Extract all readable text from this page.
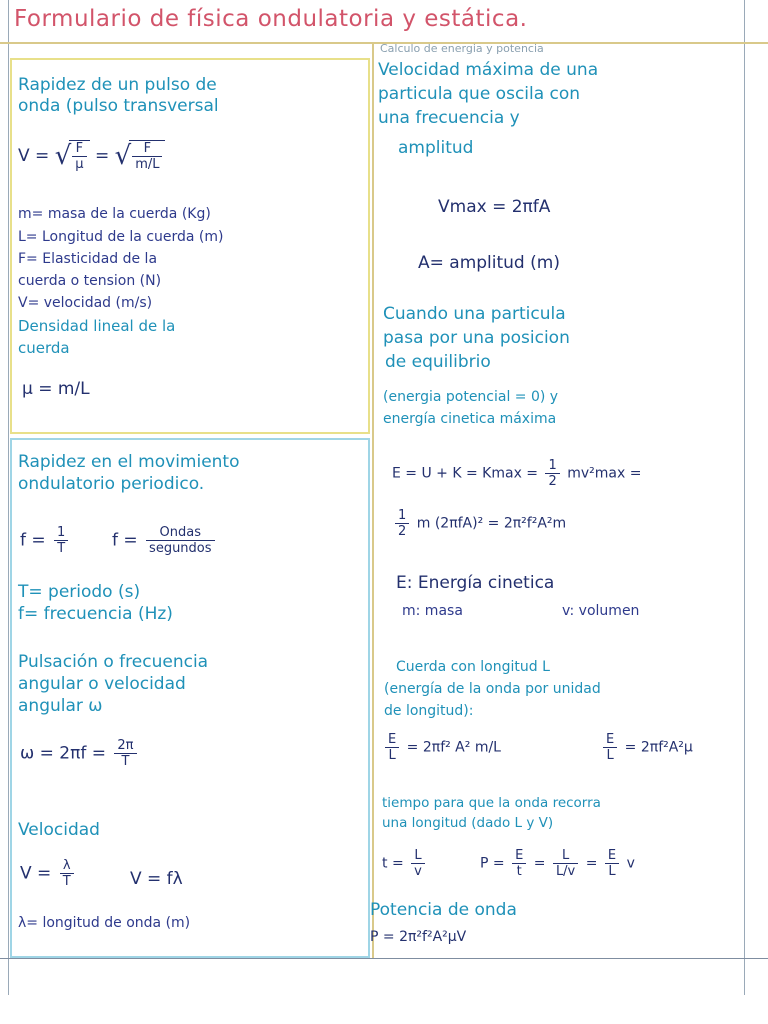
Formulario de física ondulatoria y estática.
Rapidez de un pulso de
onda (pulso transversal
V = √ $\frac{F}{\mu}$ = √ $\frac{F}{m/L}$
m= masa de la cuerda (Kg)
L= Longitud de la cuerda (m)
F= Elasticidad de la
cuerda o tension (N)
V= velocidad (m/s)
Densidad lineal de la
cuerda
μ = m/L
Rapidez en el movimiento
ondulatorio periodico.
$f = \frac{1}{T}$	$f = \frac{\text{Ondas}}{\text{segundos}}$
T= periodo (s)
f= frecuencia (Hz)
Pulsación o frecuencia
angular o velocidad
angular ω
$\omega = 2\pi f = \frac{2\pi}{T}$
Velocidad
$V = \frac{\lambda}{T}$	V = fλ
λ= longitud de onda (m)
Calculo de energia y potencia
Velocidad máxima de una
particula que oscila con
una frecuencia y
amplitud
Vmax = 2πfA
A= amplitud (m)
Cuando una particula
pasa por una posicion
de equilibrio
(energia potencial = 0) y
energía cinetica máxima
$E = U + K = Kmax = \frac{1}{2} mv^2\max$ =
$\frac{1}{2}$ m (2πfA)² = 2π²f²A²m
E: Energía cinetica
m: masa	v: volumen
Cuerda con longitud L
(energía de la onda por unidad
de longitud):
$\frac{E}{L} = 2\pi f^2$ A² m/L	$\frac{E}{L} = 2\pi f^2A^2\mu$
tiempo para que la onda recorra
una longitud (dado L y V)
$t = \frac{L}{v}$	$P = \frac{E}{t} = \frac{L}{L/v} = \frac{E}{L}$ v
Potencia de onda
P = 2π²f²A²μV
